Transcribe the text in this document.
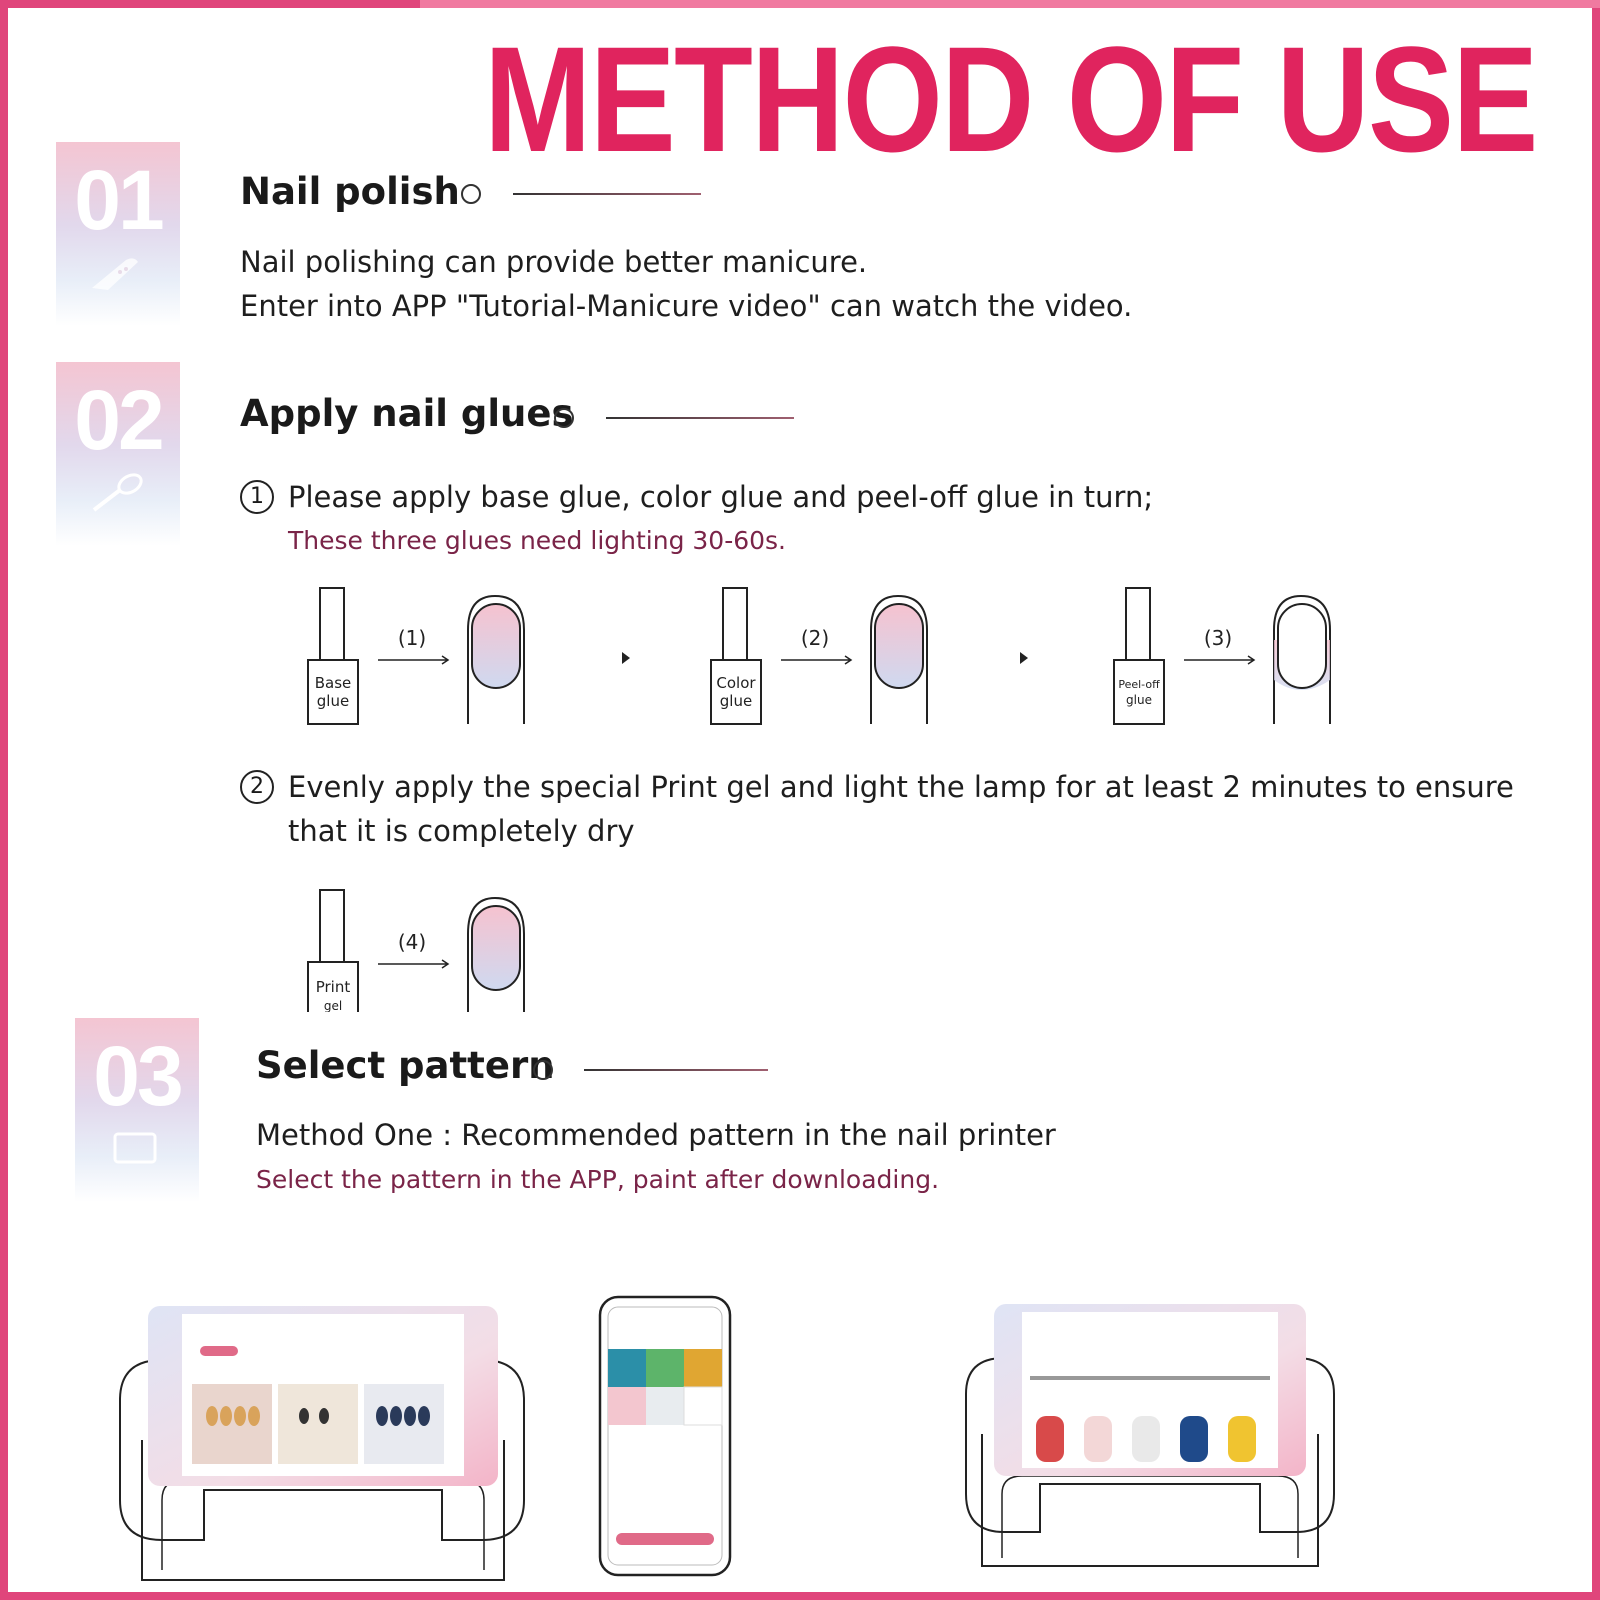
METHOD OF USE
01	Nail polish

Nail polishing can provide better manicure.

Enter into APP "Tutorial-Manicure video" can watch the video.

02	Apply nail glues
1 Please apply base glue, color glue and peel-off glue in turn;

These three glues need lighting 30-60s.

Base
glue
(1)
Color
glue
(2)
Peel-off
glue
(3)
2 Evenly apply the special Print gel and light the lamp for at least 2 minutes to ensure

that it is completely dry

Print
gel
(4)
03	Select pattern

Method One : Recommended pattern in the nail printer

Select the pattern in the APP, paint after downloading.
